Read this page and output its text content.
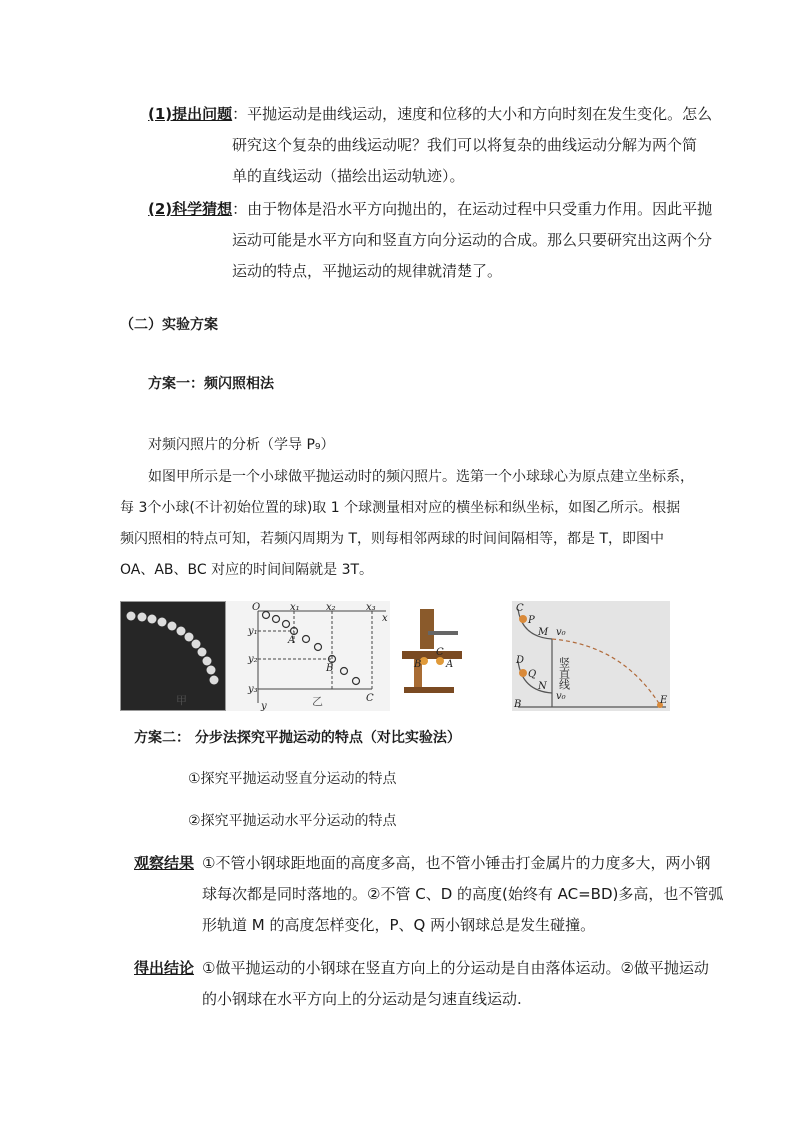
(1)提出问题：平抛运动是曲线运动，速度和位移的大小和方向时刻在发生变化。怎么
研究这个复杂的曲线运动呢？我们可以将复杂的曲线运动分解为两个简
单的直线运动（描绘出运动轨迹）。
(2)科学猜想：由于物体是沿水平方向抛出的，在运动过程中只受重力作用。因此平抛
运动可能是水平方向和竖直方向分运动的合成。那么只要研究出这两个分
运动的特点，平抛运动的规律就清楚了。
（二）实验方案
方案一：频闪照相法
对频闪照片的分析（学导 P₉）
如图甲所示是一个小球做平抛运动时的频闪照片。选第一个小球球心为原点建立坐标系，
每 3个小球(不计初始位置的球)取 1 个球测量相对应的横坐标和纵坐标，如图乙所示。根据
频闪照相的特点可知，若频闪周期为 T，则每相邻两球的时间间隔相等，都是 T，即图中
OA、AB、BC 对应的时间间隔就是 3T。
甲
O	x₁	x₂	x₃
x
y₁
y₂
y₃
y
A
B
C
乙
B
C
A
C
P
M v₀
D
Q
N
v₀
B	E
竖直线
方案二： 分步法探究平抛运动的特点（对比实验法）
①探究平抛运动竖直分运动的特点
②探究平抛运动水平分运动的特点
观察结果 ①不管小钢球距地面的高度多高，也不管小锤击打金属片的力度多大，两小钢
球每次都是同时落地的。②不管 C、D 的高度(始终有 AC=BD)多高，也不管弧
形轨道 M 的高度怎样变化，P、Q 两小钢球总是发生碰撞。
得出结论 ①做平抛运动的小钢球在竖直方向上的分运动是自由落体运动。②做平抛运动
的小钢球在水平方向上的分运动是匀速直线运动.
